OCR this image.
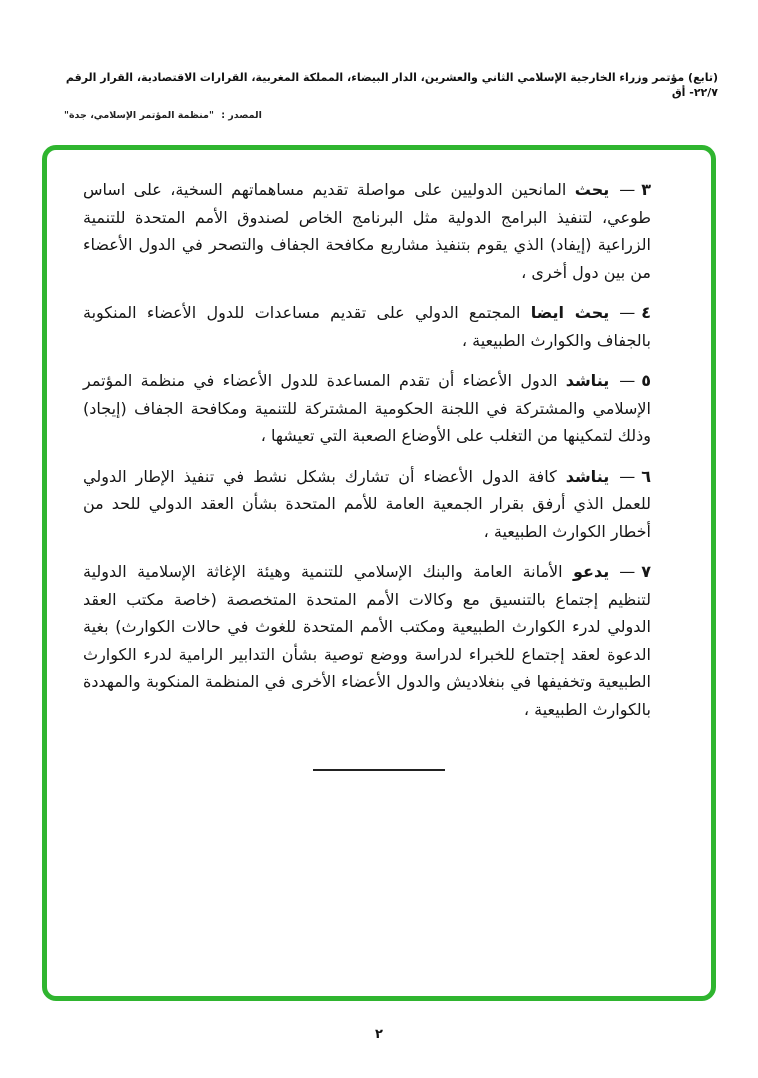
(تابع) مؤتمر وزراء الخارجية الإسلامي الثاني والعشرين، الدار البيضاء، المملكة المغربية، القرارات الاقتصادية، القرار الرقم ٢٢/٧- أق
المصدر : "منظمة المؤتمر الإسلامي، جدة"

٣—يحث المانحين الدوليين على مواصلة تقديم مساهماتهم السخية، على اساس طوعي، لتنفيذ البرامج الدولية مثل البرنامج الخاص لصندوق الأمم المتحدة للتنمية الزراعية (إيفاد) الذي يقوم بتنفيذ مشاريع مكافحة الجفاف والتصحر في الدول الأعضاء من بين دول أخرى ،

٤—يحث ايضا المجتمع الدولي على تقديم مساعدات للدول الأعضاء المنكوبة بالجفاف والكوارث الطبيعية ،

٥—يناشد الدول الأعضاء أن تقدم المساعدة للدول الأعضاء في منظمة المؤتمر الإسلامي والمشتركة في اللجنة الحكومية المشتركة للتنمية ومكافحة الجفاف (إيجاد) وذلك لتمكينها من التغلب على الأوضاع الصعبة التي تعيشها ،

٦—يناشد كافة الدول الأعضاء أن تشارك بشكل نشط في تنفيذ الإطار الدولي للعمل الذي أرفق بقرار الجمعية العامة للأمم المتحدة بشأن العقد الدولي للحد من أخطار الكوارث الطبيعية ،

٧—يدعو الأمانة العامة والبنك الإسلامي للتنمية وهيئة الإغاثة الإسلامية الدولية لتنظيم إجتماع بالتنسيق مع وكالات الأمم المتحدة المتخصصة (خاصة مكتب العقد الدولي لدرء الكوارث الطبيعية ومكتب الأمم المتحدة للغوث في حالات الكوارث) بغية الدعوة لعقد إجتماع للخبراء لدراسة ووضع توصية بشأن التدابير الرامية لدرء الكوارث الطبيعية وتخفيفها في بنغلاديش والدول الأعضاء الأخرى في المنظمة المنكوبة والمهددة بالكوارث الطبيعية ،

٢
